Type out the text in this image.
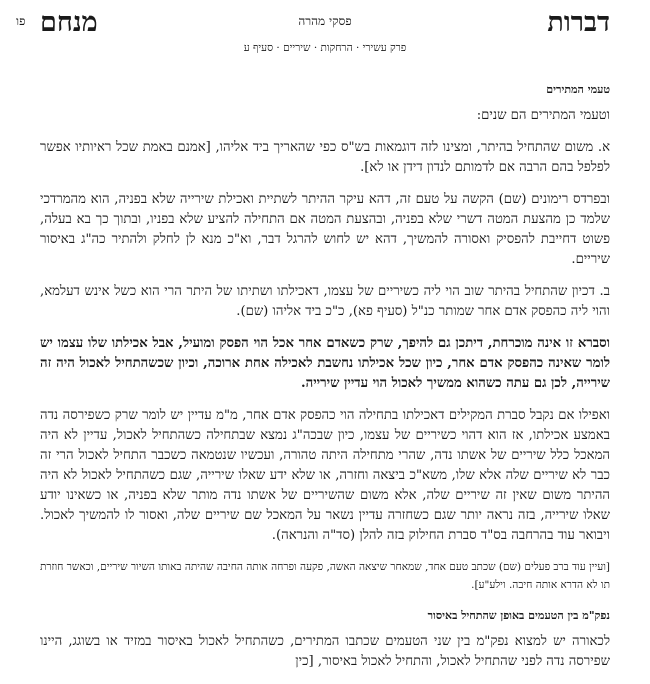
דברות
פסקי מהרה
מנחם
פו
פרק עשירי · הרחקות · שיריים · סעיף ע
טעמי המתירים

וטעמי המתירים הם שנים:

א. משום שהתחיל בהיתר, ומצינו לזה דוגמאות בש"ס כפי שהאריך ביד אליהו, [אמנם באמת שכל ראיותיו אפשר לפלפל בהם הרבה אם לדמותם לנדון דידן או לא].

ובפרדס רימונים (שם) הקשה על טעם זה, דהא עיקר ההיתר לשתיית ואכילת שירייה שלא בפניה, הוא מהמרדכי שלמד כן מהצעת המטה דשרי שלא בפניה, ובהצעת המטה אם התחילה להציע שלא בפניו, ובתוך כך בא בעלה, פשוט דחייבת להפסיק ואסורה להמשיך, דהא יש לחוש להרגל דבר, וא"כ מנא לן לחלק ולהתיר כה"ג באיסור שיריים.

ב. דכיון שהתחיל בהיתר שוב הוי ליה כשיריים של עצמו, דאכילתו ושתיתו של היתר הרי הוא כשל אינש דעלמא, והוי ליה כהפסק אדם אחר שמותר כנ"ל (סעיף פא), כ"כ ביד אליהו (שם).

וסברא זו אינה מוכרחת, דיתכן גם להיפך, שרק כשאדם אחר אכל הוי הפסק ומועיל, אבל אכילתו שלו עצמו יש לומר שאינה כהפסק אדם אחר, כיון שכל אכילתו נחשבת לאכילה אחת ארוכה, וכיון שכשהתחיל לאכול היה זה שירייה, לכן גם עתה כשהוא ממשיך לאכול הוי עדיין שירייה.

ואפילו אם נקבל סברת המקילים דאכילתו בתחילה הוי כהפסק אדם אחר, מ"מ עדיין יש לומר שרק כשפירסה נדה באמצע אכילתו, אז הוא דהוי כשיריים של עצמו, כיון שבכה"ג נמצא שבתחילה כשהתחיל לאכול, עדיין לא היה המאכל כלל שיריים של אשתו נדה, שהרי מתחילה היתה טהורה, ועכשיו שנטמאה כשכבר התחיל לאכול הרי זה כבר לא שיריים שלה אלא שלו, משא"כ ביצאה וחזרה, או שלא ידע שאלו שירייה, שגם כשהתחיל לאכול לא היה ההיתר משום שאין זה שיריים שלה, אלא משום שהשיריים של אשתו נדה מותר שלא בפניה, או כשאינו יודע שאלו שירייה, בזה נראה יותר שגם כשחזרה עדיין נשאר על המאכל שם שיריים שלה, ואסור לו להמשיך לאכול. ויבואר עוד בהרחבה בס"ד סברת החילוק בזה להלן (סד"ה והנראה).

[ועיין עוד ברב פעלים (שם) שכתב טעם אחד, שמאחר שיצאה האשה, פקעה ופרחה אותה החיבה שהיתה באותו השיור שיריים, וכאשר חוזרת תו לא הדרא אותה חיבה. וילע"ע].

נפק"מ בין הטעמים באופן שהתחיל באיסור

לכאורה יש למצוא נפק"מ בין שני הטעמים שכתבו המתירים, כשהתחיל לאכול באיסור במזיד או בשוגג, היינו שפירסה נדה לפני שהתחיל לאכול, והתחיל לאכול באיסור, [כין
